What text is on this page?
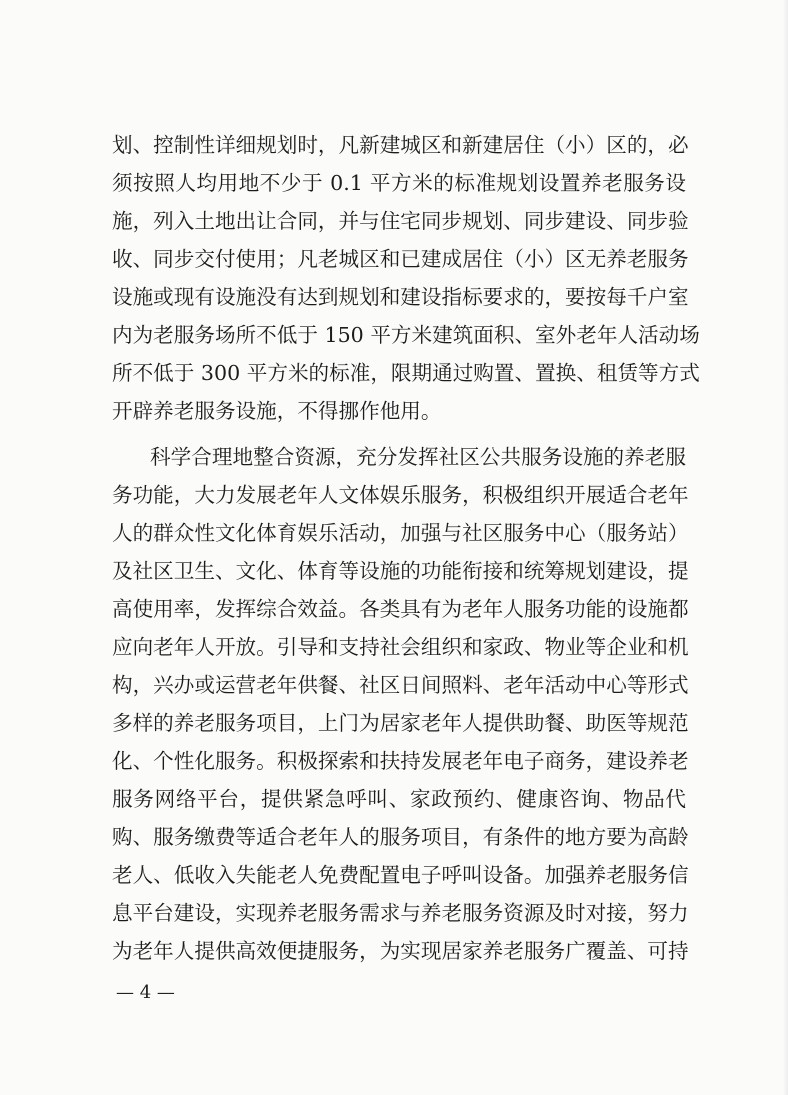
划、控制性详细规划时，凡新建城区和新建居住（小）区的，必
须按照人均用地不少于 0.1 平方米的标准规划设置养老服务设
施，列入土地出让合同，并与住宅同步规划、同步建设、同步验
收、同步交付使用；凡老城区和已建成居住（小）区无养老服务
设施或现有设施没有达到规划和建设指标要求的，要按每千户室
内为老服务场所不低于 150 平方米建筑面积、室外老年人活动场
所不低于 300 平方米的标准，限期通过购置、置换、租赁等方式
开辟养老服务设施，不得挪作他用。
科学合理地整合资源，充分发挥社区公共服务设施的养老服
务功能，大力发展老年人文体娱乐服务，积极组织开展适合老年
人的群众性文化体育娱乐活动，加强与社区服务中心（服务站）
及社区卫生、文化、体育等设施的功能衔接和统筹规划建设，提
高使用率，发挥综合效益。各类具有为老年人服务功能的设施都
应向老年人开放。引导和支持社会组织和家政、物业等企业和机
构，兴办或运营老年供餐、社区日间照料、老年活动中心等形式
多样的养老服务项目，上门为居家老年人提供助餐、助医等规范
化、个性化服务。积极探索和扶持发展老年电子商务，建设养老
服务网络平台，提供紧急呼叫、家政预约、健康咨询、物品代
购、服务缴费等适合老年人的服务项目，有条件的地方要为高龄
老人、低收入失能老人免费配置电子呼叫设备。加强养老服务信
息平台建设，实现养老服务需求与养老服务资源及时对接，努力
为老年人提供高效便捷服务，为实现居家养老服务广覆盖、可持
— 4 —
